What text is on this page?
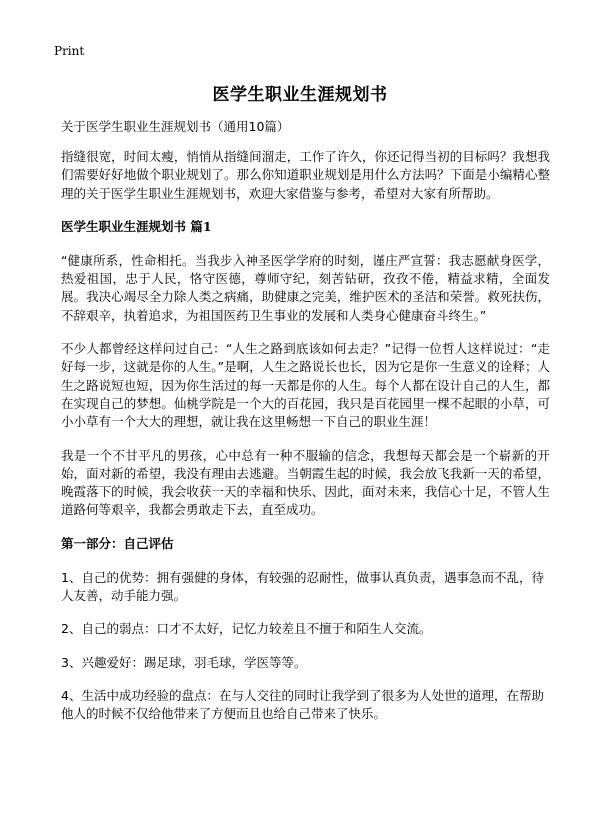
Print
医学生职业生涯规划书

关于医学生职业生涯规划书（通用10篇）

指缝很宽，时间太瘦，悄悄从指缝间溜走，工作了许久，你还记得当初的目标吗？我想我们需要好好地做个职业规划了。那么你知道职业规划是用什么方法吗？下面是小编精心整理的关于医学生职业生涯规划书，欢迎大家借鉴与参考，希望对大家有所帮助。

医学生职业生涯规划书 篇1

“健康所系，性命相托。当我步入神圣医学学府的时刻，谨庄严宣誓：我志愿献身医学，热爱祖国，忠于人民，恪守医德，尊师守纪，刻苦钻研，孜孜不倦，精益求精，全面发展。我决心竭尽全力除人类之病痛，助健康之完美，维护医术的圣洁和荣誉。救死扶伤，不辞艰辛，执着追求，为祖国医药卫生事业的发展和人类身心健康奋斗终生。”

不少人都曾经这样问过自己：“人生之路到底该如何去走？”记得一位哲人这样说过：“走好每一步，这就是你的人生。”是啊，人生之路说长也长，因为它是你一生意义的诠释；人生之路说短也短，因为你生活过的每一天都是你的人生。每个人都在设计自己的人生，都在实现自己的梦想。仙桃学院是一个大的百花园，我只是百花园里一棵不起眼的小草，可小小草有一个大大的理想，就让我在这里畅想一下自己的职业生涯！

我是一个不甘平凡的男孩，心中总有一种不服输的信念，我想每天都会是一个崭新的开始，面对新的希望，我没有理由去逃避。当朝霞生起的时候，我会放飞我新一天的希望，晚霞落下的时候，我会收获一天的幸福和快乐、因此，面对未来，我信心十足，不管人生道路何等艰辛，我都会勇敢走下去，直至成功。

第一部分：自己评估

1、自己的优势：拥有强健的身体，有较强的忍耐性，做事认真负责，遇事急而不乱，待人友善，动手能力强。

2、自己的弱点：口才不太好，记忆力较差且不擅于和陌生人交流。

3、兴趣爱好：踢足球，羽毛球，学医等等。

4、生活中成功经验的盘点：在与人交往的同时让我学到了很多为人处世的道理，在帮助他人的时候不仅给他带来了方便而且也给自己带来了快乐。
